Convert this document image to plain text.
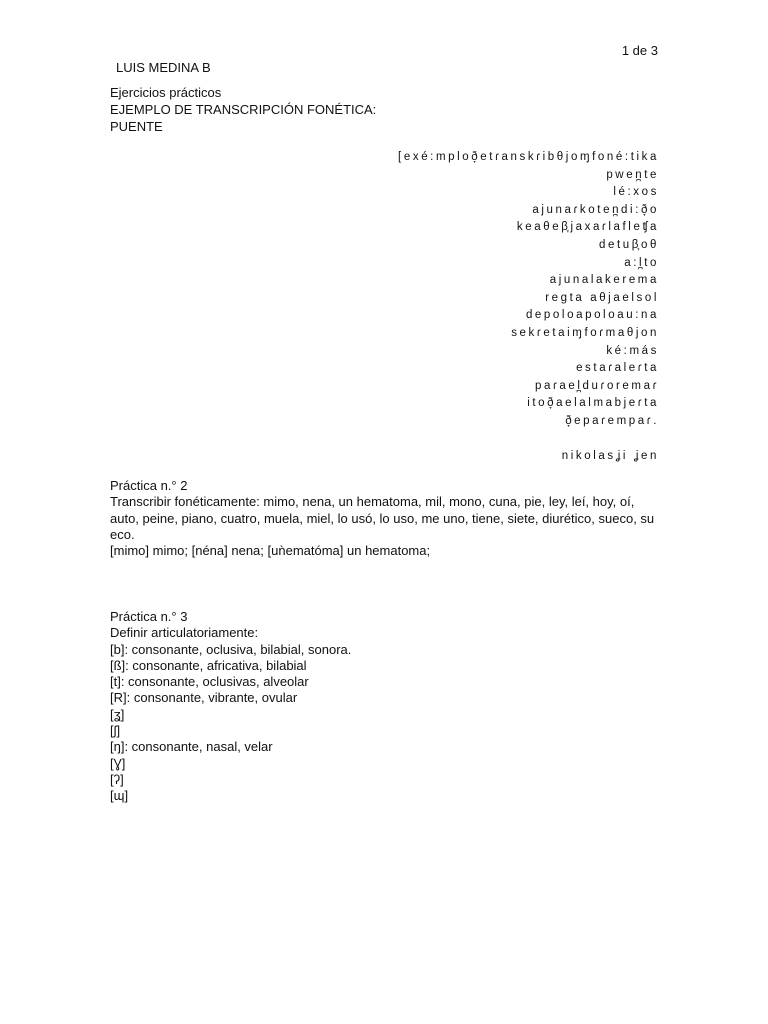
1 de 3
LUIS MEDINA B
Ejercicios prácticos
EJEMPLO DE TRANSCRIPCIÓN FONÉTICA:
PUENTE
[exé:mploð̞etɾanskɾibθjoɱfoné:tika
pwen̪te
lé:xos
ajunaɾkoten̪di:ð̞o
keaθeβ̞jaxaɾlafleʧa
detuβ̞oθ
a:l̪to
ajunalakerema
regta aθjaelsol
depoloapoloau:na
sekɾetaiɱfoɾmaθjon
ké:más
estaɾaleɾta
paɾael̪duɾoremaɾ
itoð̞aelalmabjeɾta
ð̞epaɾempaɾ.
nikolasʝi ʝen
Práctica n.° 2
Transcribir fonéticamente: mimo, nena, un hematoma, mil, mono, cuna, pie, ley, leí, hoy, oí, auto, peine, piano, cuatro, muela, miel, lo usó, lo uso, me uno, tiene, siete, diurético, sueco, su eco.
[mimo] mimo; [néna] nena; [uǹematóma] un hematoma;
Práctica n.° 3
Definir articulatoriamente:
[b]: consonante, oclusiva, bilabial, sonora.
[ß]: consonante, africativa, bilabial
[t]: consonante, oclusivas, alveolar
[R]: consonante, vibrante, ovular
[ʓ]
[ʃ]
[ŋ]: consonante, nasal, velar
[Ɣ]
[ʔ]
[ɰ]
